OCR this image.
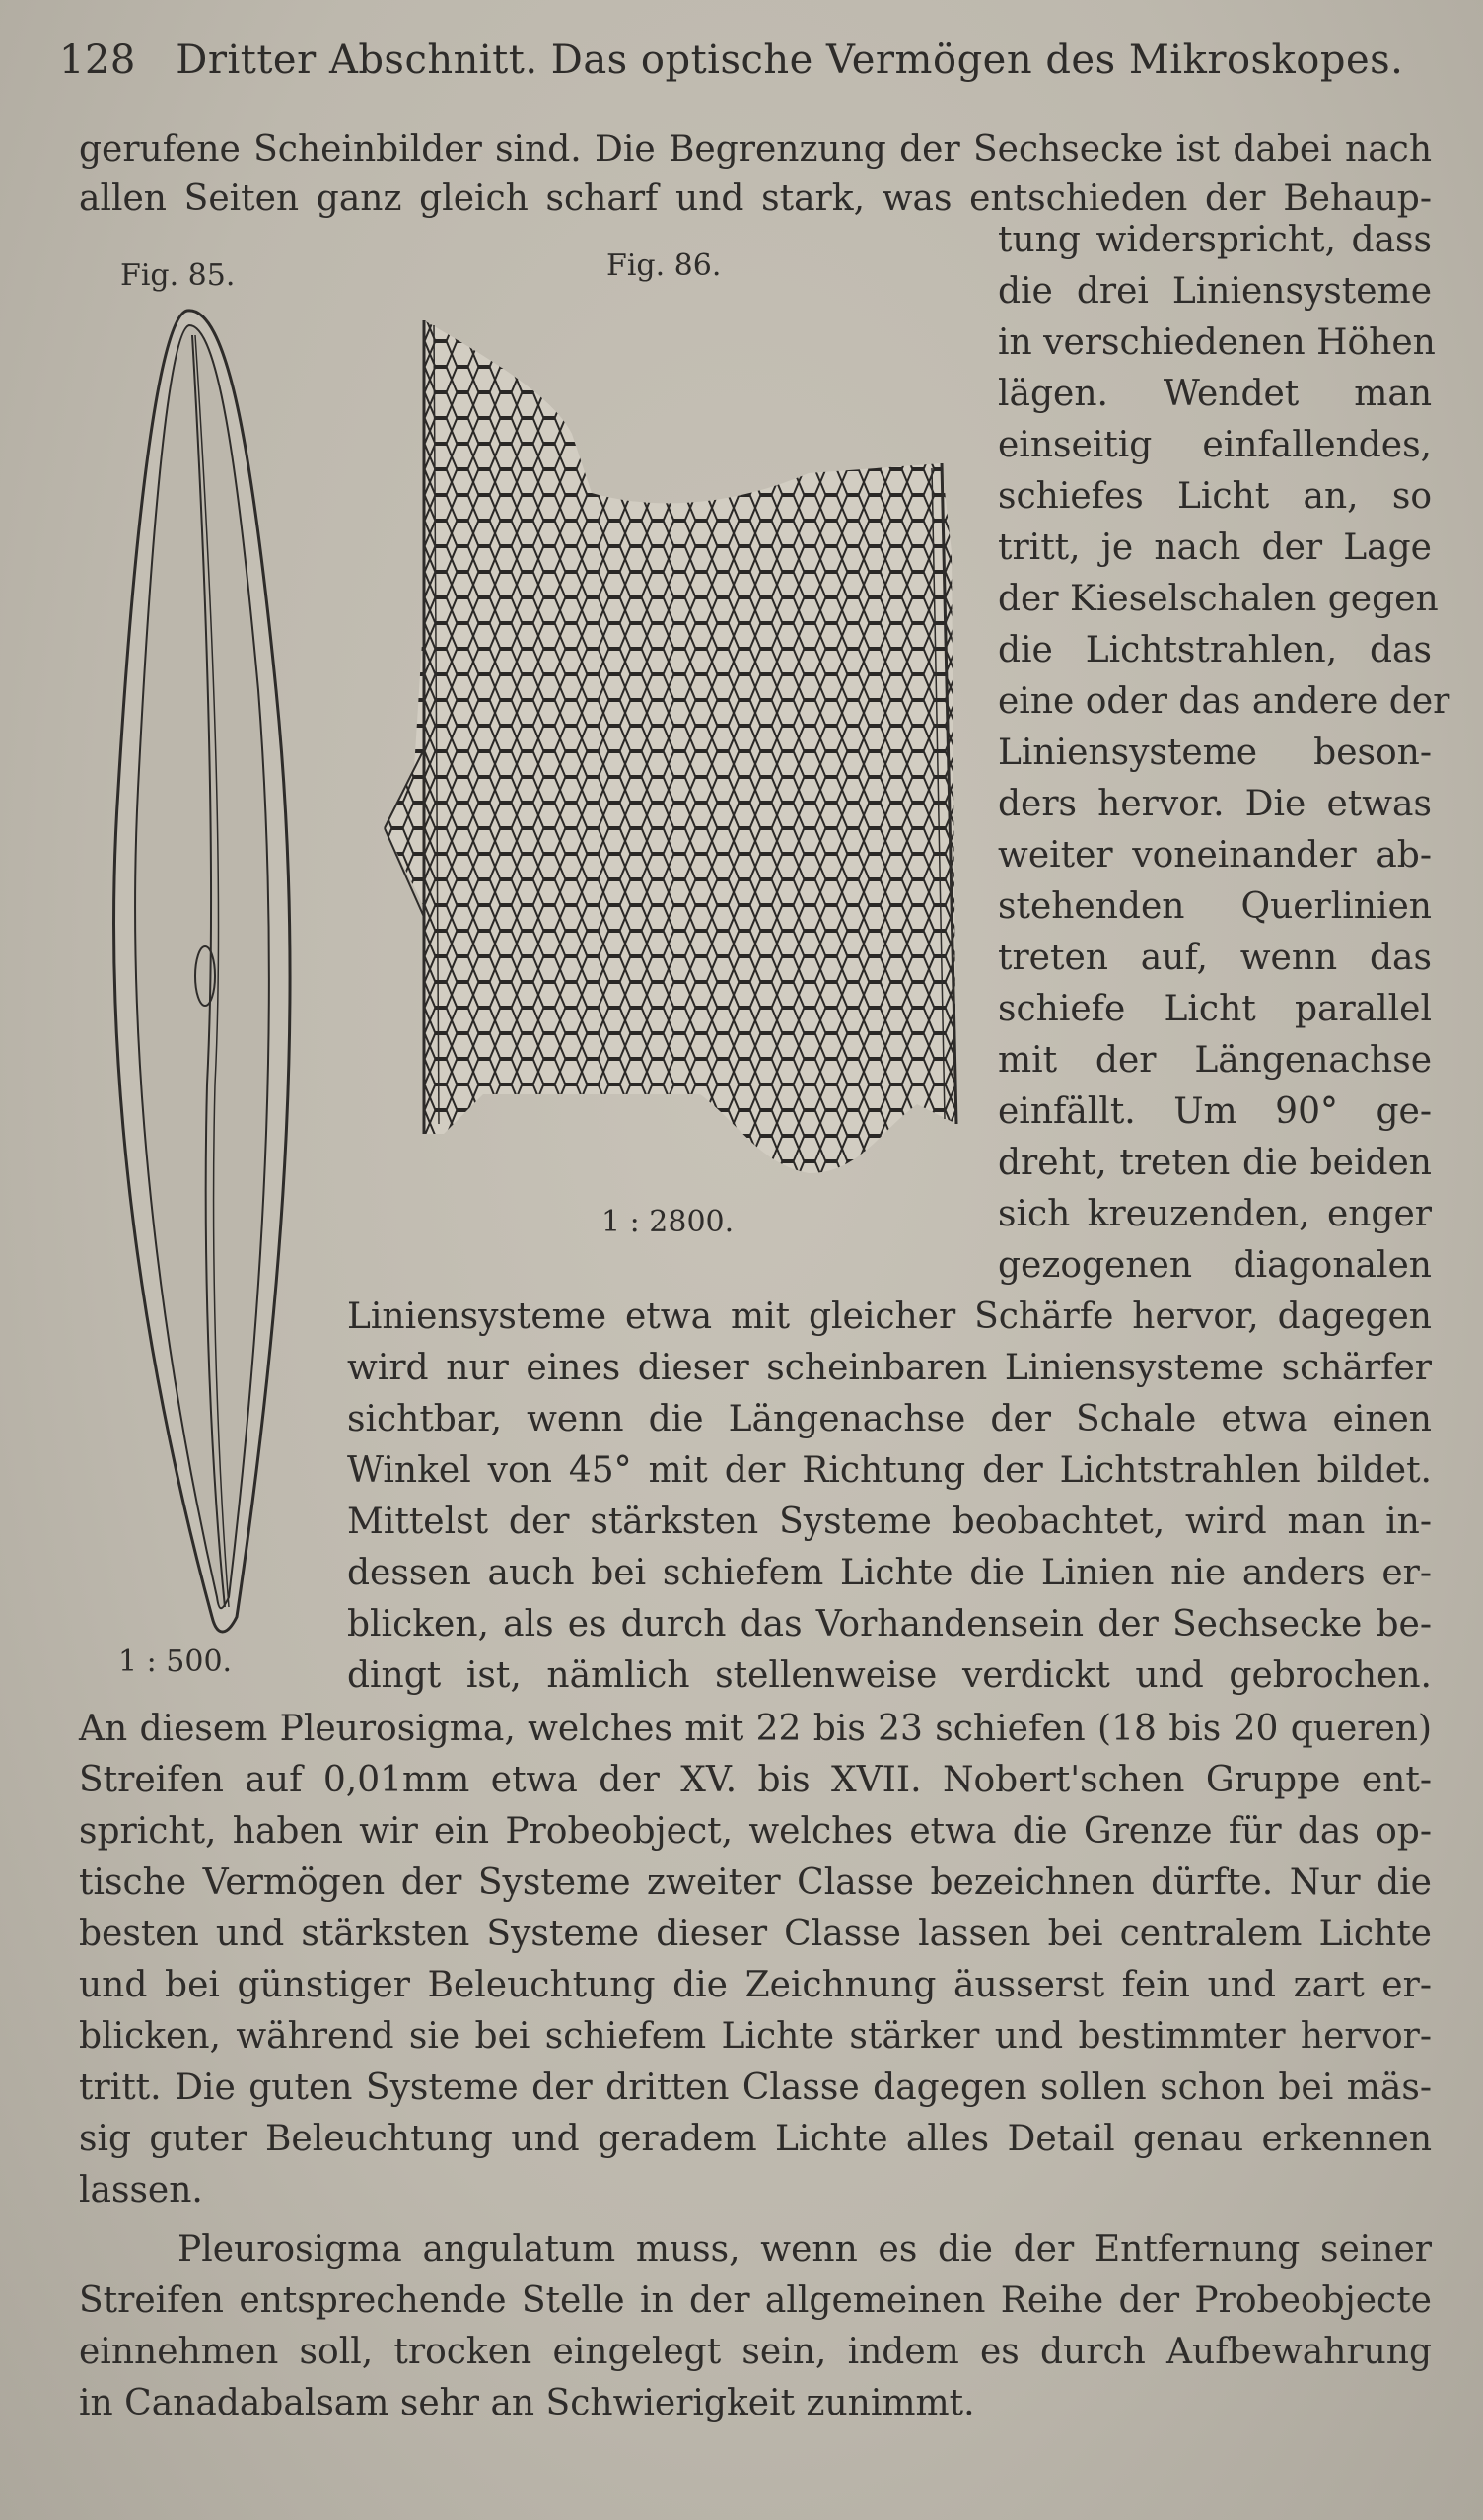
128 Dritter Abschnitt. Das optische Vermögen des Mikroskopes.
gerufene Scheinbilder sind. Die Begrenzung der Sechsecke ist dabei nach
allen Seiten ganz gleich scharf und stark, was entschieden der Behaup-
Fig. 85.
1 : 500.
Fig. 86.
1 : 2800.
tung widerspricht, dass
die drei Liniensysteme
in verschiedenen Höhen
lägen. Wendet man
einseitig einfallendes,
schiefes Licht an, so
tritt, je nach der Lage
der Kieselschalen gegen
die Lichtstrahlen, das
eine oder das andere der
Liniensysteme beson-
ders hervor. Die etwas
weiter voneinander ab-
stehenden Querlinien
treten auf, wenn das
schiefe Licht parallel
mit der Längenachse
einfällt. Um 90° ge-
dreht, treten die beiden
sich kreuzenden, enger
gezogenen diagonalen
Liniensysteme etwa mit gleicher Schärfe hervor, dagegen
wird nur eines dieser scheinbaren Liniensysteme schärfer
sichtbar, wenn die Längenachse der Schale etwa einen
Winkel von 45° mit der Richtung der Lichtstrahlen bildet.
Mittelst der stärksten Systeme beobachtet, wird man in-
dessen auch bei schiefem Lichte die Linien nie anders er-
blicken, als es durch das Vorhandensein der Sechsecke be-
dingt ist, nämlich stellenweise verdickt und gebrochen.
An diesem Pleurosigma, welches mit 22 bis 23 schiefen (18 bis 20 queren)
Streifen auf 0,01mm etwa der XV. bis XVII. Nobert'schen Gruppe ent-
spricht, haben wir ein Probeobject, welches etwa die Grenze für das op-
tische Vermögen der Systeme zweiter Classe bezeichnen dürfte. Nur die
besten und stärksten Systeme dieser Classe lassen bei centralem Lichte
und bei günstiger Beleuchtung die Zeichnung äusserst fein und zart er-
blicken, während sie bei schiefem Lichte stärker und bestimmter hervor-
tritt. Die guten Systeme der dritten Classe dagegen sollen schon bei mäs-
sig guter Beleuchtung und geradem Lichte alles Detail genau erkennen
lassen.
Pleurosigma angulatum muss, wenn es die der Entfernung seiner
Streifen entsprechende Stelle in der allgemeinen Reihe der Probeobjecte
einnehmen soll, trocken eingelegt sein, indem es durch Aufbewahrung
in Canadabalsam sehr an Schwierigkeit zunimmt.
